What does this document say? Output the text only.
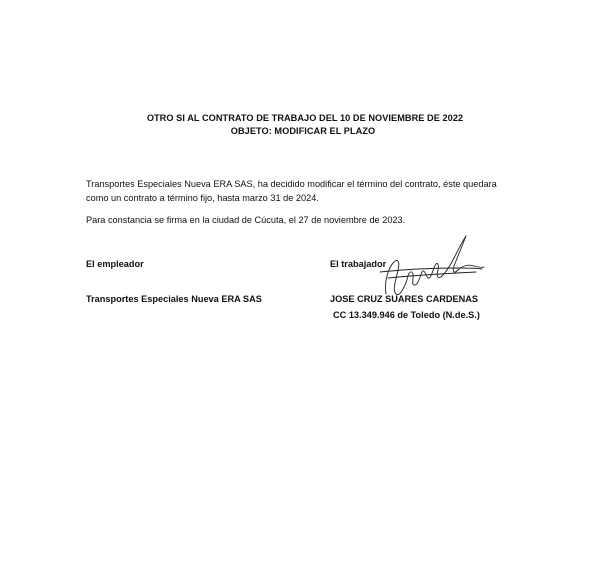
OTRO SI AL CONTRATO DE TRABAJO DEL 10 DE NOVIEMBRE DE 2022
OBJETO: MODIFICAR EL PLAZO
Transportes Especiales Nueva ERA SAS, ha decidido modificar el término del contrato, éste quedara
como un contrato a término fijo, hasta marzo 31 de 2024.
Para constancia se firma en la ciudad de Cúcuta, el 27 de noviembre de 2023.
El empleador	El trabajador
Transportes Especiales Nueva ERA SAS	JOSE CRUZ SUARES CARDENAS
CC 13.349.946 de Toledo (N.de.S.)
